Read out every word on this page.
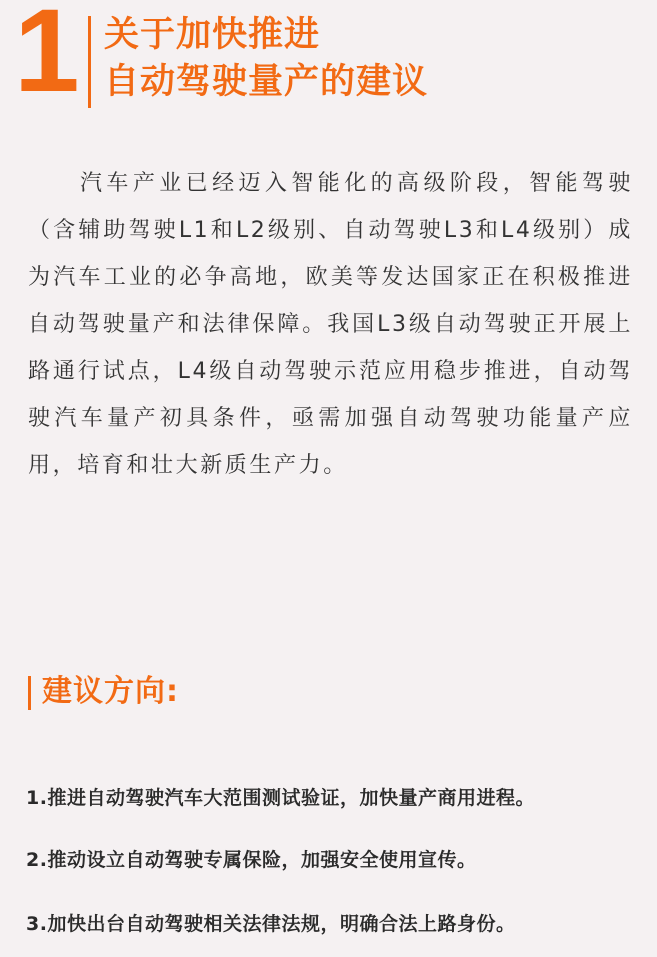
1 关于加快推进
自动驾驶量产的建议
汽车产业已经迈入智能化的高级阶段，智能驾驶（含辅助驾驶L1和L2级别、自动驾驶L3和L4级别）成为汽车工业的必争高地，欧美等发达国家正在积极推进自动驾驶量产和法律保障。我国L3级自动驾驶正开展上路通行试点，L4级自动驾驶示范应用稳步推进，自动驾驶汽车量产初具条件，亟需加强自动驾驶功能量产应用，培育和壮大新质生产力。
建议方向:
1.推进自动驾驶汽车大范围测试验证，加快量产商用进程。
2.推动设立自动驾驶专属保险，加强安全使用宣传。
3.加快出台自动驾驶相关法律法规，明确合法上路身份。
